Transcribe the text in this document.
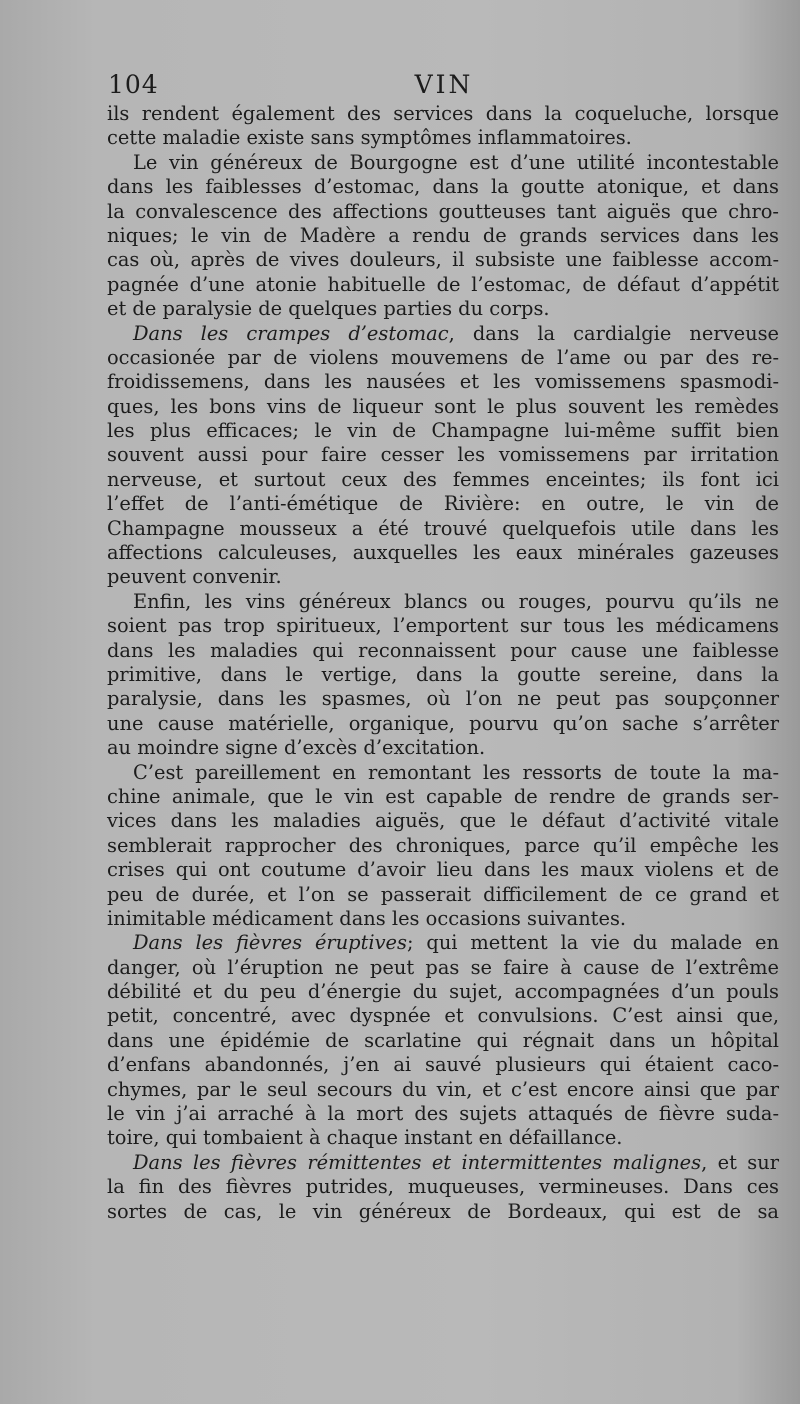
104	VIN
ils rendent également des services dans la coqueluche, lorsque
cette maladie existe sans symptômes inflammatoires.
Le vin généreux de Bourgogne est d’une utilité incontestable
dans les faiblesses d’estomac, dans la goutte atonique, et dans
la convalescence des affections goutteuses tant aiguës que chro-
niques; le vin de Madère a rendu de grands services dans les
cas où, après de vives douleurs, il subsiste une faiblesse accom-
pagnée d’une atonie habituelle de l’estomac, de défaut d’appétit
et de paralysie de quelques parties du corps.
Dans les crampes d’estomac, dans la cardialgie nerveuse
occasionée par de violens mouvemens de l’ame ou par des re-
froidissemens, dans les nausées et les vomissemens spasmodi-
ques, les bons vins de liqueur sont le plus souvent les remèdes
les plus efficaces; le vin de Champagne lui-même suffit bien
souvent aussi pour faire cesser les vomissemens par irritation
nerveuse, et surtout ceux des femmes enceintes; ils font ici
l’effet de l’anti-émétique de Rivière: en outre, le vin de
Champagne mousseux a été trouvé quelquefois utile dans les
affections calculeuses, auxquelles les eaux minérales gazeuses
peuvent convenir.
Enfin, les vins généreux blancs ou rouges, pourvu qu’ils ne
soient pas trop spiritueux, l’emportent sur tous les médicamens
dans les maladies qui reconnaissent pour cause une faiblesse
primitive, dans le vertige, dans la goutte sereine, dans la
paralysie, dans les spasmes, où l’on ne peut pas soupçonner
une cause matérielle, organique, pourvu qu’on sache s’arrêter
au moindre signe d’excès d’excitation.
C’est pareillement en remontant les ressorts de toute la ma-
chine animale, que le vin est capable de rendre de grands ser-
vices dans les maladies aiguës, que le défaut d’activité vitale
semblerait rapprocher des chroniques, parce qu’il empêche les
crises qui ont coutume d’avoir lieu dans les maux violens et de
peu de durée, et l’on se passerait difficilement de ce grand et
inimitable médicament dans les occasions suivantes.
Dans les fièvres éruptives; qui mettent la vie du malade en
danger, où l’éruption ne peut pas se faire à cause de l’extrême
débilité et du peu d’énergie du sujet, accompagnées d’un pouls
petit, concentré, avec dyspnée et convulsions. C’est ainsi que,
dans une épidémie de scarlatine qui régnait dans un hôpital
d’enfans abandonnés, j’en ai sauvé plusieurs qui étaient caco-
chymes, par le seul secours du vin, et c’est encore ainsi que par
le vin j’ai arraché à la mort des sujets attaqués de fièvre suda-
toire, qui tombaient à chaque instant en défaillance.
Dans les fièvres rémittentes et intermittentes malignes, et sur
la fin des fièvres putrides, muqueuses, vermineuses. Dans ces
sortes de cas, le vin généreux de Bordeaux, qui est de sa
